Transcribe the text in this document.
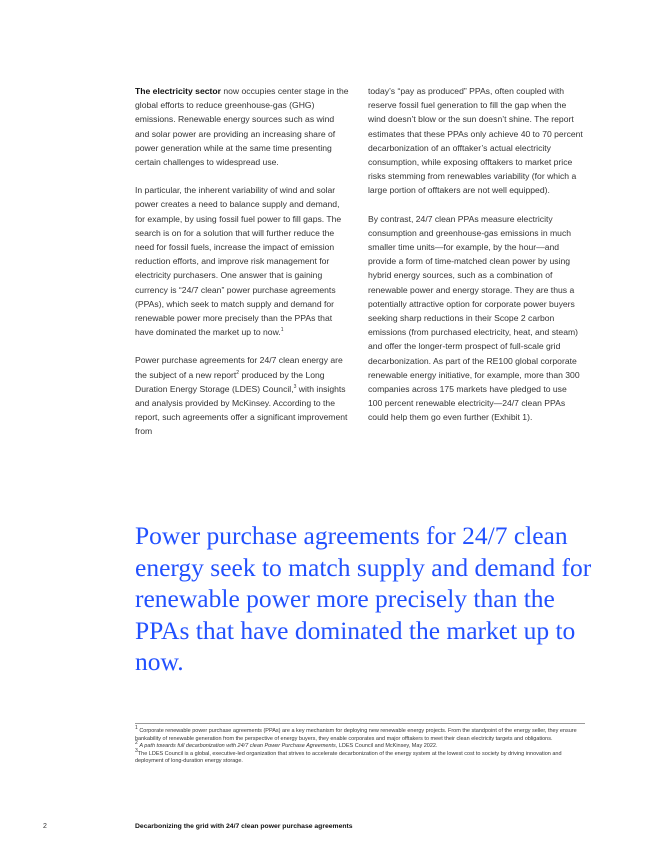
The electricity sector now occupies center stage in the global efforts to reduce greenhouse-gas (GHG) emissions. Renewable energy sources such as wind and solar power are providing an increasing share of power generation while at the same time presenting certain challenges to widespread use.

In particular, the inherent variability of wind and solar power creates a need to balance supply and demand, for example, by using fossil fuel power to fill gaps. The search is on for a solution that will further reduce the need for fossil fuels, increase the impact of emission reduction efforts, and improve risk management for electricity purchasers. One answer that is gaining currency is “24/7 clean” power purchase agreements (PPAs), which seek to match supply and demand for renewable power more precisely than the PPAs that have dominated the market up to now.$^1$

Power purchase agreements for 24/7 clean energy are the subject of a new report$^2$ produced by the Long Duration Energy Storage (LDES) Council,$^3$ with insights and analysis provided by McKinsey. According to the report, such agreements offer a significant improvement from

today’s “pay as produced” PPAs, often coupled with reserve fossil fuel generation to fill the gap when the wind doesn’t blow or the sun doesn’t shine. The report estimates that these PPAs only achieve 40 to 70 percent decarbonization of an offtaker’s actual electricity consumption, while exposing offtakers to market price risks stemming from renewables variability (for which a large portion of offtakers are not well equipped).

By contrast, 24/7 clean PPAs measure electricity consumption and greenhouse-gas emissions in much smaller time units—for example, by the hour—and provide a form of time-matched clean power by using hybrid energy sources, such as a combination of renewable power and energy storage. They are thus a potentially attractive option for corporate power buyers seeking sharp reductions in their Scope 2 carbon emissions (from purchased electricity, heat, and steam) and offer the longer-term prospect of full-scale grid decarbonization. As part of the RE100 global corporate renewable energy initiative, for example, more than 300 companies across 175 markets have pledged to use 100 percent renewable electricity—24/7 clean PPAs could help them go even further (Exhibit 1).

Power purchase agreements for 24/7 clean energy seek to match supply and demand for renewable power more precisely than the PPAs that have dominated the market up to now.
$^1$ Corporate renewable power purchase agreements (PPAs) are a key mechanism for deploying new renewable energy projects. From the standpoint of the energy seller, they ensure bankability of renewable generation from the perspective of energy buyers, they enable corporates and major offtakers to meet their clean electricity targets and obligations.
$^2$ A path towards full decarbonization with 24/7 clean Power Purchase Agreements, LDES Council and McKinsey, May 2022.
$^3$The LDES Council is a global, executive-led organization that strives to accelerate decarbonization of the energy system at the lowest cost to society by driving innovation and deployment of long-duration energy storage.
2	Decarbonizing the grid with 24/7 clean power purchase agreements
